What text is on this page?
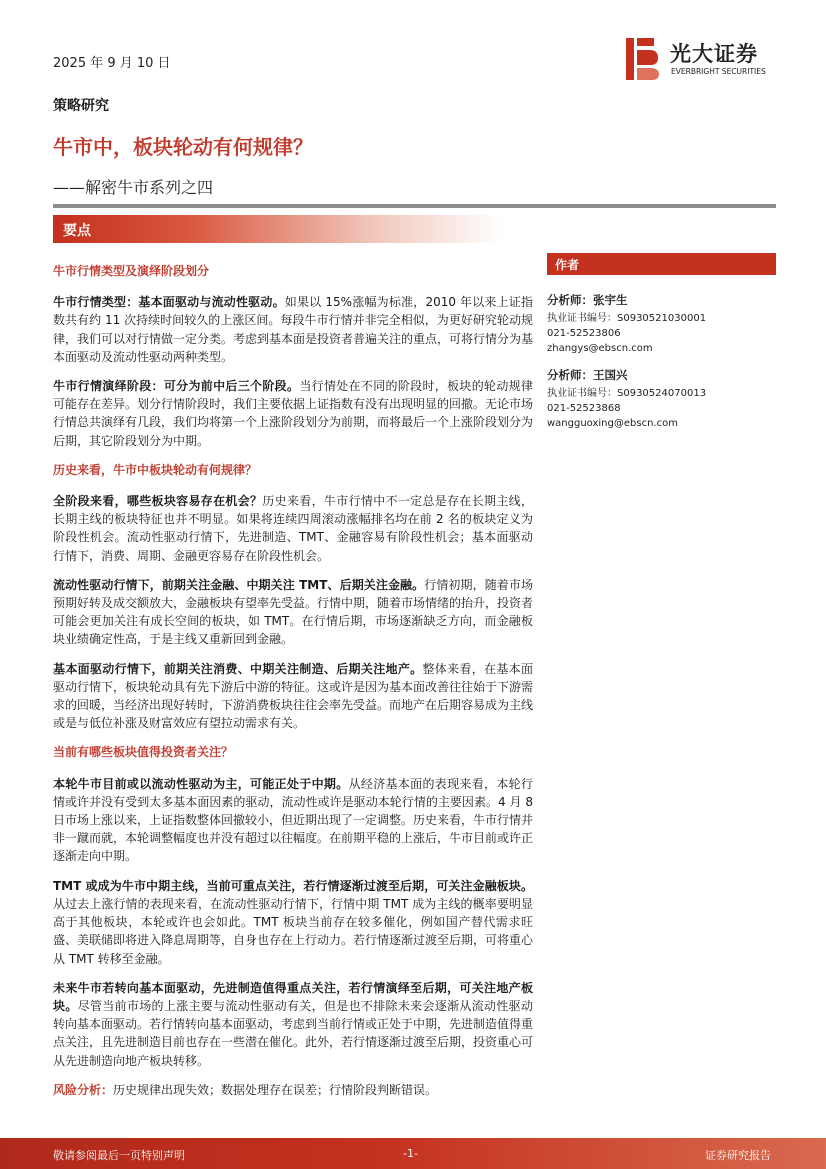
2025 年 9 月 10 日	光大证券
EVERBRIGHT SECURITIES
策略研究
牛市中，板块轮动有何规律？
——解密牛市系列之四
要点
牛市行情类型及演绎阶段划分

牛市行情类型：基本面驱动与流动性驱动。如果以 15%涨幅为标准，2010 年以来上证指数共有约 11 次持续时间较久的上涨区间。每段牛市行情并非完全相似，为更好研究轮动规律，我们可以对行情做一定分类。考虑到基本面是投资者普遍关注的重点，可将行情分为基本面驱动及流动性驱动两种类型。

牛市行情演绎阶段：可分为前中后三个阶段。当行情处在不同的阶段时，板块的轮动规律可能存在差异。划分行情阶段时，我们主要依据上证指数有没有出现明显的回撤。无论市场行情总共演绎有几段，我们均将第一个上涨阶段划分为前期，而将最后一个上涨阶段划分为后期，其它阶段划分为中期。

历史来看，牛市中板块轮动有何规律？

全阶段来看，哪些板块容易存在机会？历史来看，牛市行情中不一定总是存在长期主线，长期主线的板块特征也并不明显。如果将连续四周滚动涨幅排名均在前 2 名的板块定义为阶段性机会。流动性驱动行情下，先进制造、TMT、金融容易有阶段性机会；基本面驱动行情下，消费、周期、金融更容易存在阶段性机会。

流动性驱动行情下，前期关注金融、中期关注 TMT、后期关注金融。行情初期，随着市场预期好转及成交额放大，金融板块有望率先受益。行情中期，随着市场情绪的抬升，投资者可能会更加关注有成长空间的板块，如 TMT。在行情后期，市场逐渐缺乏方向，而金融板块业绩确定性高，于是主线又重新回到金融。

基本面驱动行情下，前期关注消费、中期关注制造、后期关注地产。整体来看，在基本面驱动行情下，板块轮动具有先下游后中游的特征。这或许是因为基本面改善往往始于下游需求的回暖，当经济出现好转时，下游消费板块往往会率先受益。而地产在后期容易成为主线或是与低位补涨及财富效应有望拉动需求有关。

当前有哪些板块值得投资者关注？

本轮牛市目前或以流动性驱动为主，可能正处于中期。从经济基本面的表现来看，本轮行情或许并没有受到太多基本面因素的驱动，流动性或许是驱动本轮行情的主要因素。4 月 8 日市场上涨以来，上证指数整体回撤较小，但近期出现了一定调整。历史来看，牛市行情并非一蹴而就，本轮调整幅度也并没有超过以往幅度。在前期平稳的上涨后，牛市目前或许正逐渐走向中期。

TMT 或成为牛市中期主线，当前可重点关注，若行情逐渐过渡至后期，可关注金融板块。从过去上涨行情的表现来看，在流动性驱动行情下，行情中期 TMT 成为主线的概率要明显高于其他板块，本轮或许也会如此。TMT 板块当前存在较多催化，例如国产替代需求旺盛、美联储即将进入降息周期等，自身也存在上行动力。若行情逐渐过渡至后期，可将重心从 TMT 转移至金融。

未来牛市若转向基本面驱动，先进制造值得重点关注，若行情演绎至后期，可关注地产板块。尽管当前市场的上涨主要与流动性驱动有关，但是也不排除未来会逐渐从流动性驱动转向基本面驱动。若行情转向基本面驱动，考虑到当前行情或正处于中期，先进制造值得重点关注，且先进制造目前也存在一些潜在催化。此外，若行情逐渐过渡至后期，投资重心可从先进制造向地产板块转移。

风险分析：历史规律出现失效；数据处理存在误差；行情阶段判断错误。

作者
分析师：张宇生
执业证书编号：S0930521030001
021-52523806
zhangys@ebscn.com
分析师：王国兴
执业证书编号：S0930524070013
021-52523868
wangguoxing@ebscn.com
敬请参阅最后一页特别声明	-1-	证券研究报告
